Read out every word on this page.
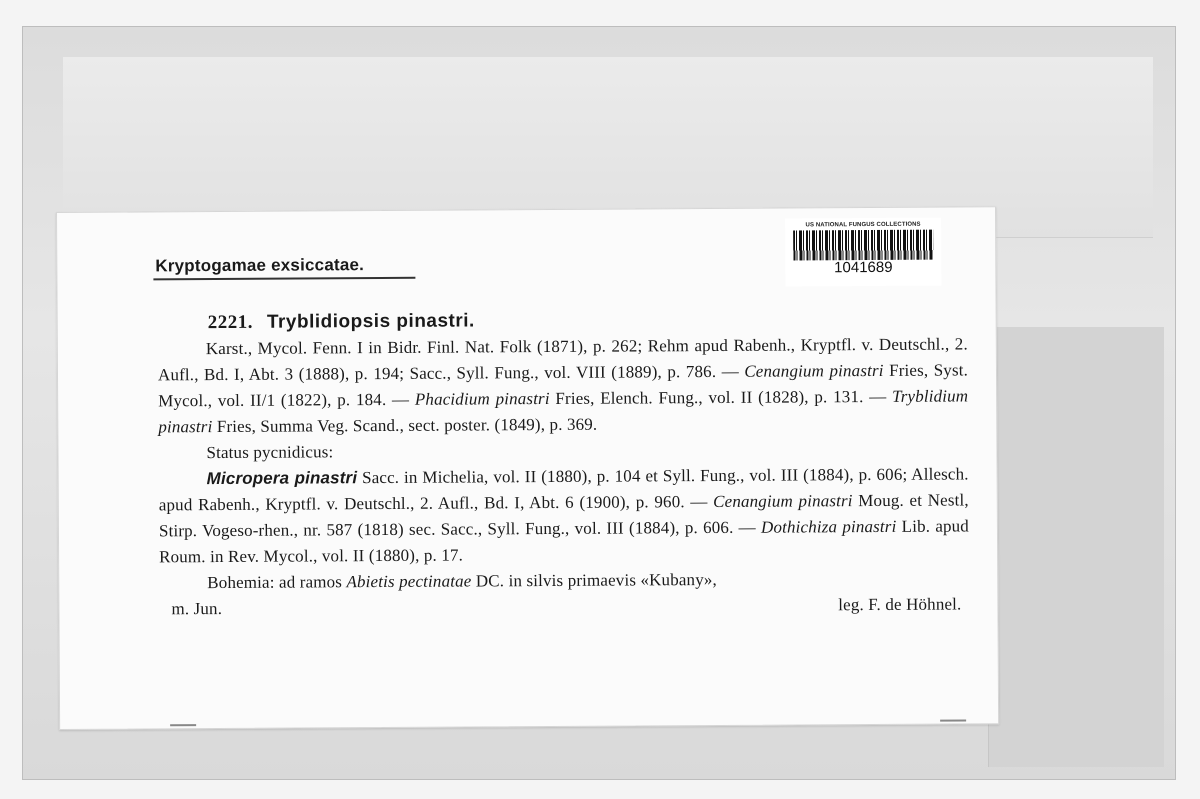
Kryptogamae exsiccatae.
US NATIONAL FUNGUS COLLECTIONS
1041689
2221. Tryblidiopsis pinastri.

Karst., Mycol. Fenn. I in Bidr. Finl. Nat. Folk (1871), p. 262; Rehm apud Rabenh., Kryptfl. v. Deutschl., 2. Aufl., Bd. I, Abt. 3 (1888), p. 194; Sacc., Syll. Fung., vol. VIII (1889), p. 786. — Cenangium pinastri Fries, Syst. Mycol., vol. II/1 (1822), p. 184. — Phacidium pinastri Fries, Elench. Fung., vol. II (1828), p. 131. — Tryblidium pinastri Fries, Summa Veg. Scand., sect. poster. (1849), p. 369.

Status pycnidicus:

Micropera pinastri Sacc. in Michelia, vol. II (1880), p. 104 et Syll. Fung., vol. III (1884), p. 606; Allesch. apud Rabenh., Kryptfl. v. Deutschl., 2. Aufl., Bd. I, Abt. 6 (1900), p. 960. — Cenangium pinastri Moug. et Nestl, Stirp. Vogeso-rhen., nr. 587 (1818) sec. Sacc., Syll. Fung., vol. III (1884), p. 606. — Dothichiza pinastri Lib. apud Roum. in Rev. Mycol., vol. II (1880), p. 17.

Bohemia: ad ramos Abietis pectinatae DC. in silvis primaevis «Kubany»,

m. Jun.	leg. F. de Höhnel.
